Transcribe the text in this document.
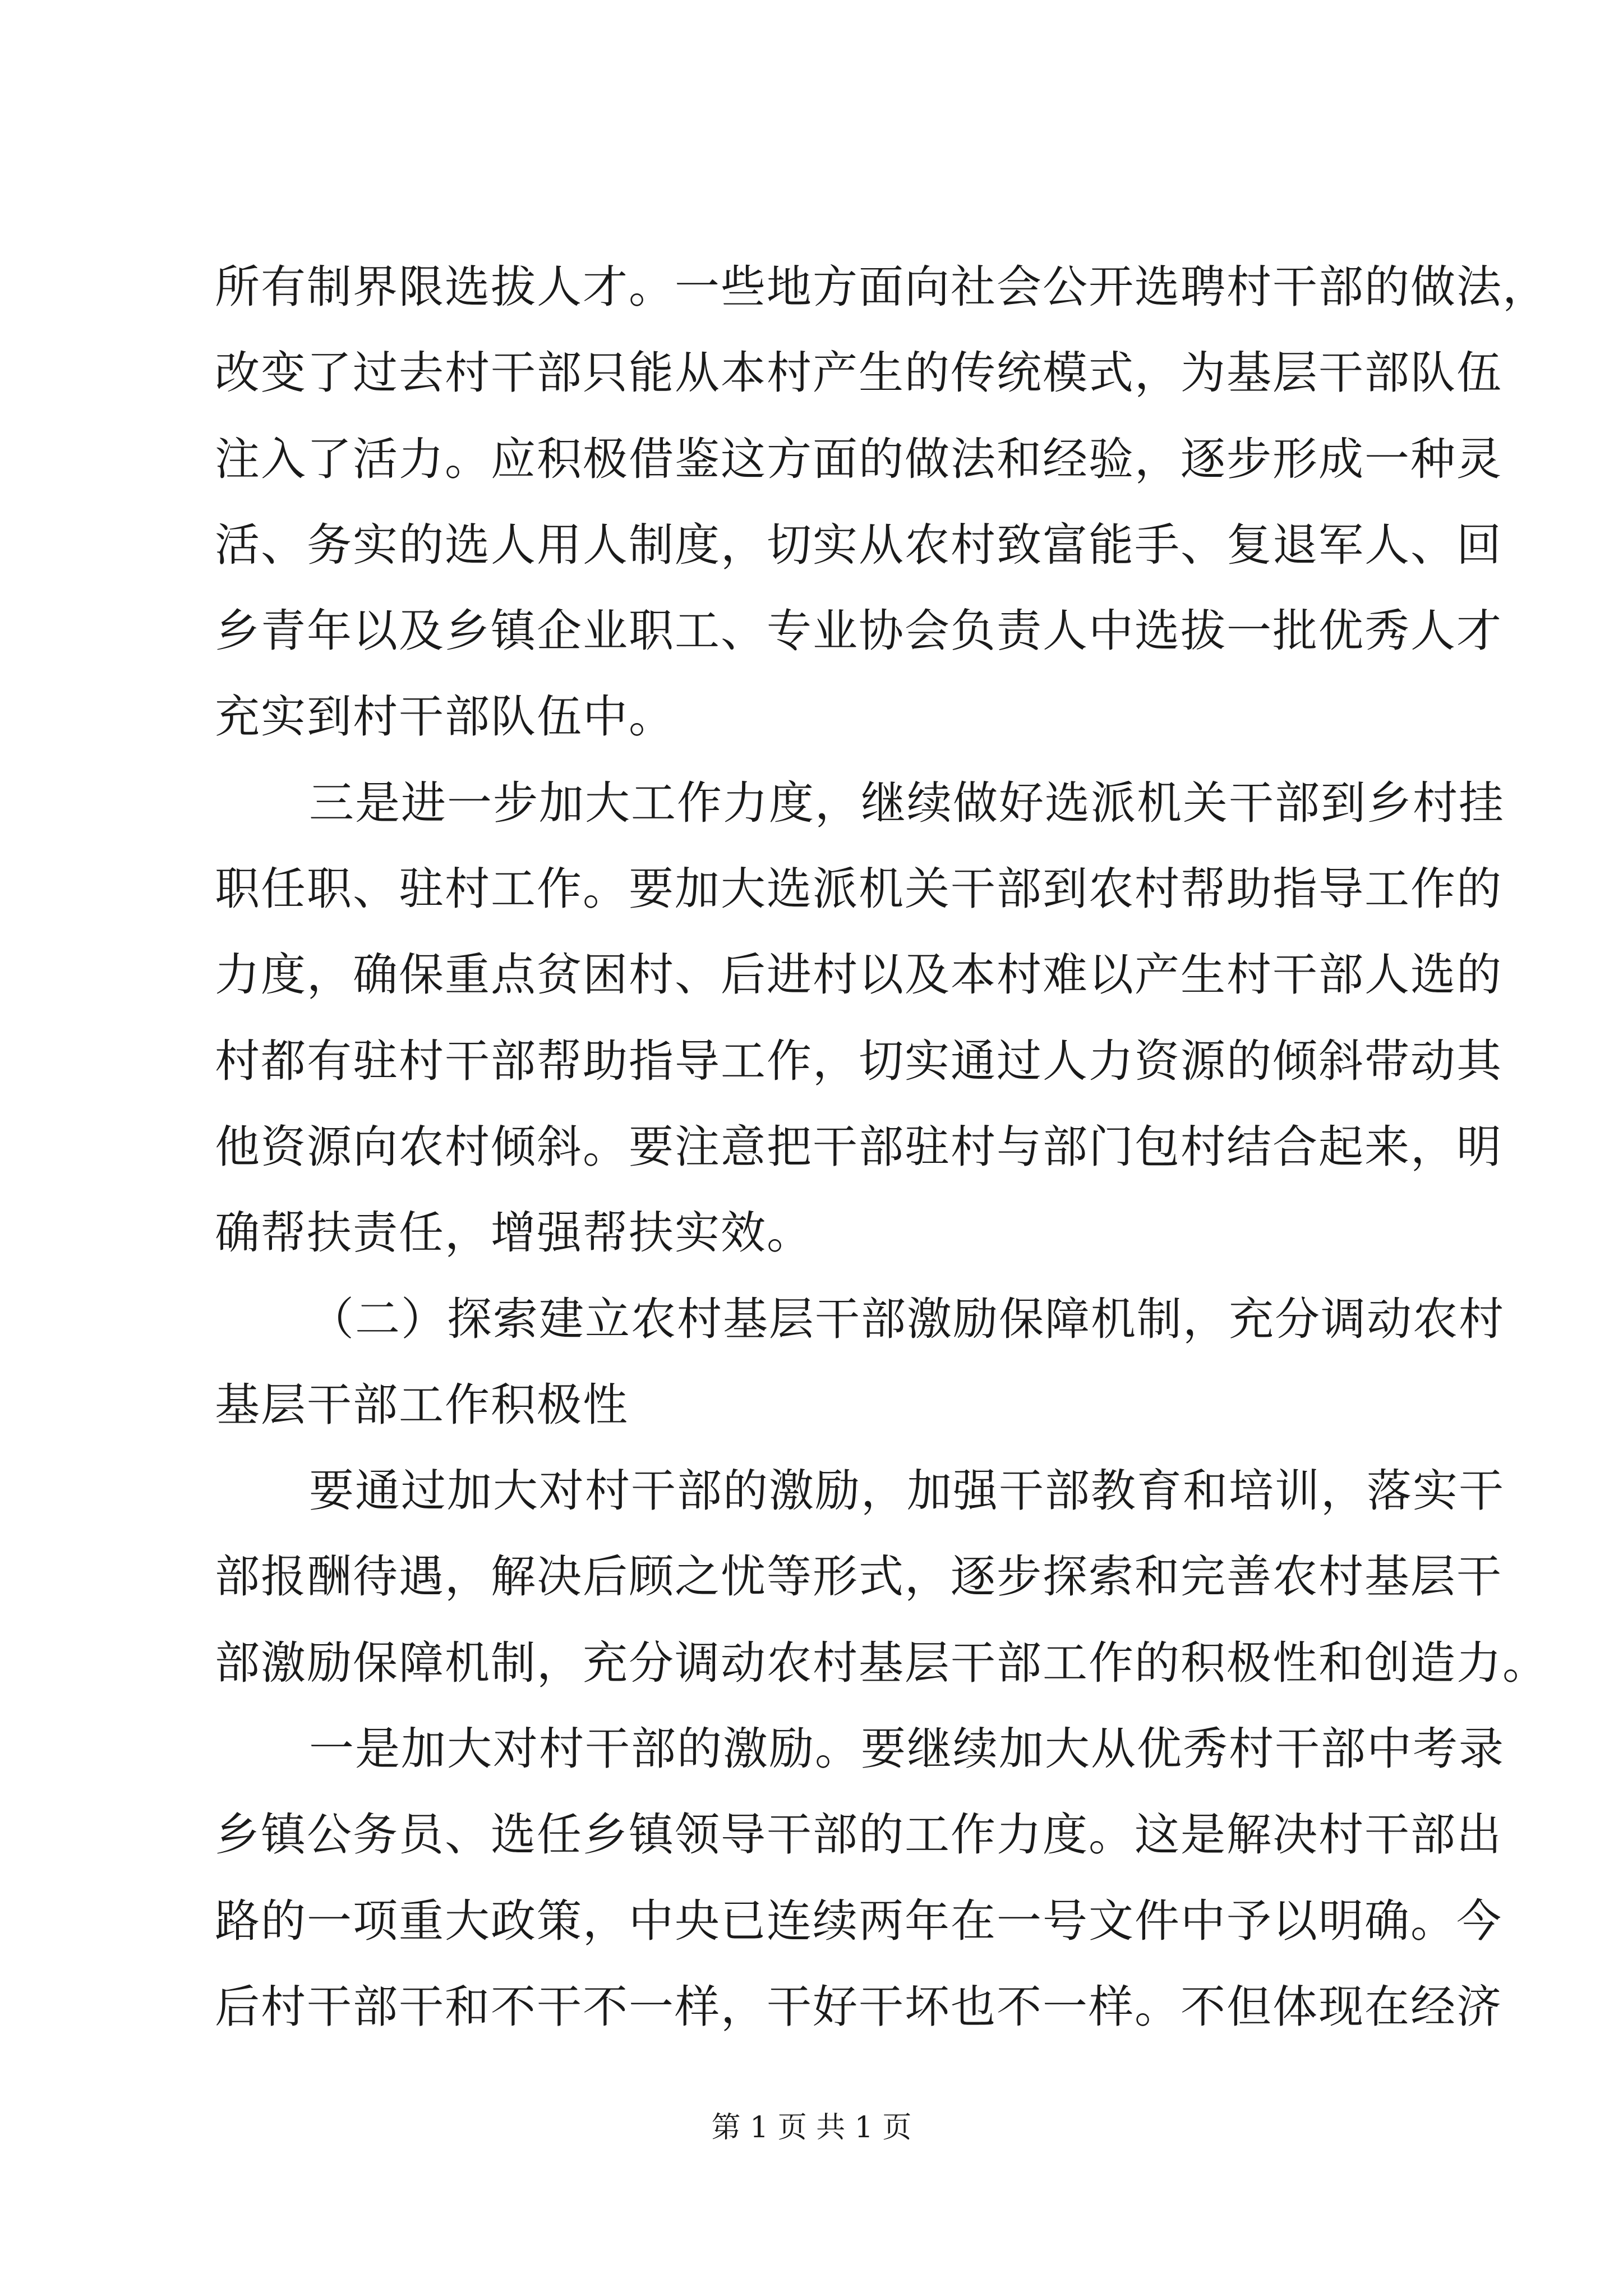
所有制界限选拔人才。一些地方面向社会公开选聘村干部的做法，
改变了过去村干部只能从本村产生的传统模式，为基层干部队伍
注入了活力。应积极借鉴这方面的做法和经验，逐步形成一种灵
活、务实的选人用人制度，切实从农村致富能手、复退军人、回
乡青年以及乡镇企业职工、专业协会负责人中选拔一批优秀人才
充实到村干部队伍中。
三是进一步加大工作力度，继续做好选派机关干部到乡村挂
职任职、驻村工作。要加大选派机关干部到农村帮助指导工作的
力度，确保重点贫困村、后进村以及本村难以产生村干部人选的
村都有驻村干部帮助指导工作，切实通过人力资源的倾斜带动其
他资源向农村倾斜。要注意把干部驻村与部门包村结合起来，明
确帮扶责任，增强帮扶实效。
（二）探索建立农村基层干部激励保障机制，充分调动农村
基层干部工作积极性
要通过加大对村干部的激励，加强干部教育和培训，落实干
部报酬待遇，解决后顾之忧等形式，逐步探索和完善农村基层干
部激励保障机制，充分调动农村基层干部工作的积极性和创造力。
一是加大对村干部的激励。要继续加大从优秀村干部中考录
乡镇公务员、选任乡镇领导干部的工作力度。这是解决村干部出
路的一项重大政策，中央已连续两年在一号文件中予以明确。今
后村干部干和不干不一样，干好干坏也不一样。不但体现在经济
第 1 页 共 1 页
